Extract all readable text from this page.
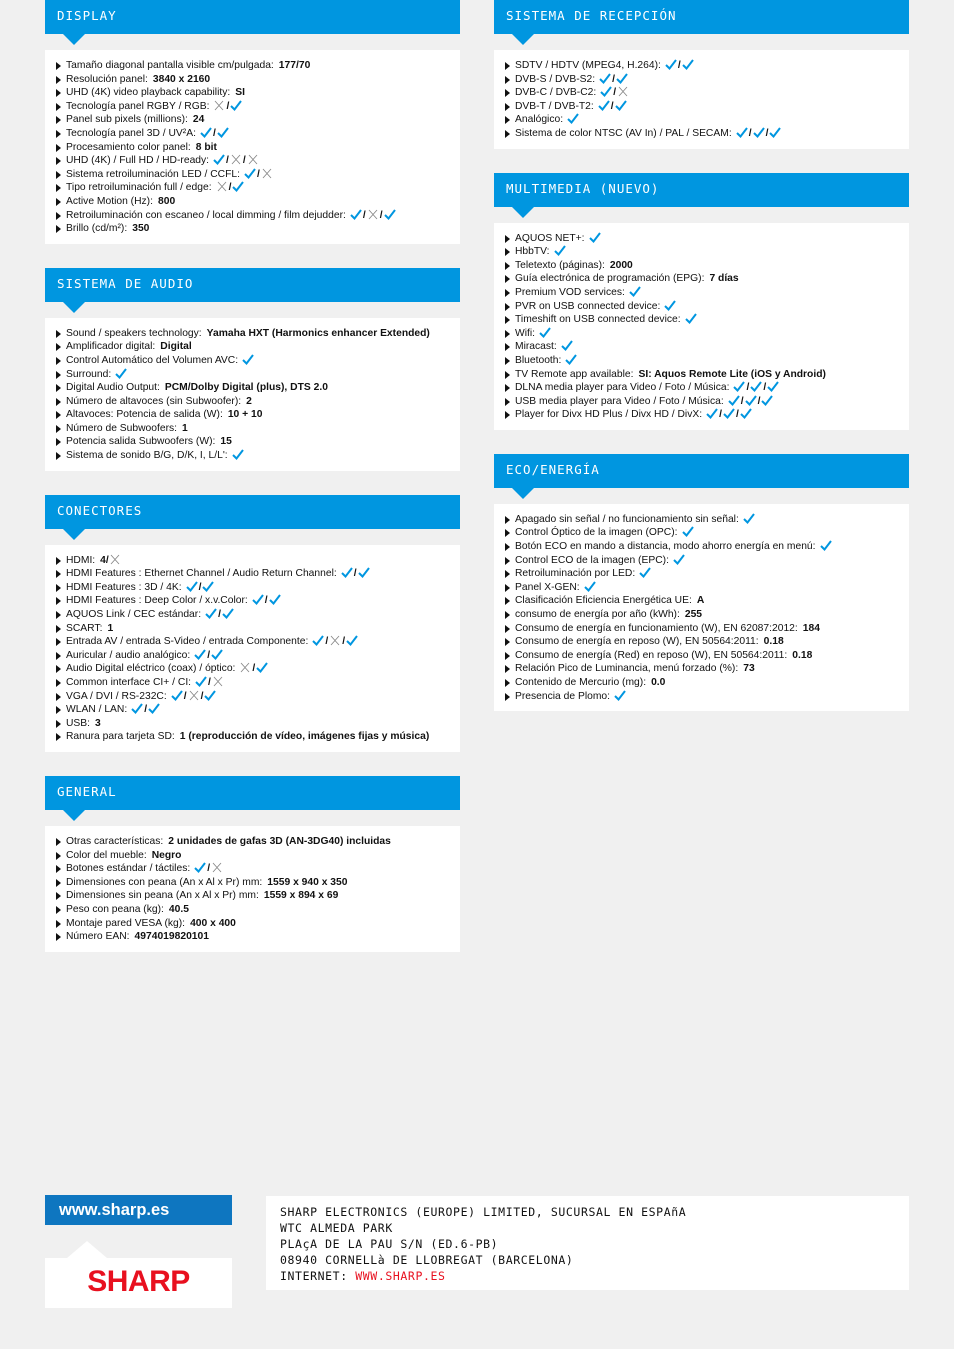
DISPLAY
Tamaño diagonal pantalla visible cm/pulgada: 177/70
Resolución panel: 3840 x 2160
UHD (4K) video playback capability: SI
Tecnología panel RGBY / RGB: /
Panel sub pixels (millions): 24
Tecnología panel 3D / UV²A: /
Procesamiento color panel: 8 bit
UHD (4K) / Full HD / HD-ready: / /
Sistema retroiluminación LED / CCFL: /
Tipo retroiluminación full / edge: /
Active Motion (Hz): 800
Retroiluminación con escaneo / local dimming / film dejudder: / /
Brillo (cd/m²): 350
SISTEMA DE AUDIO
Sound / speakers technology: Yamaha HXT (Harmonics enhancer Extended)
Amplificador digital: Digital
Control Automático del Volumen AVC:
Surround:
Digital Audio Output: PCM/Dolby Digital (plus), DTS 2.0
Número de altavoces (sin Subwoofer): 2
Altavoces: Potencia de salida (W): 10 + 10
Número de Subwoofers: 1
Potencia salida Subwoofers (W): 15
Sistema de sonido B/G, D/K, I, L/L':
CONECTORES
HDMI: 4/
HDMI Features : Ethernet Channel / Audio Return Channel: /
HDMI Features : 3D / 4K: /
HDMI Features : Deep Color / x.v.Color: /
AQUOS Link / CEC estándar: /
SCART: 1
Entrada AV / entrada S-Video / entrada Componente: / /
Auricular / audio analógico: /
Audio Digital eléctrico (coax) / óptico: /
Common interface CI+ / CI: /
VGA / DVI / RS-232C: / /
WLAN / LAN: /
USB: 3
Ranura para tarjeta SD: 1 (reproducción de vídeo, imágenes fijas y música)
GENERAL
Otras características: 2 unidades de gafas 3D (AN-3DG40) incluidas
Color del mueble: Negro
Botones estándar / táctiles: /
Dimensiones con peana (An x Al x Pr) mm: 1559 x 940 x 350
Dimensiones sin peana (An x Al x Pr) mm: 1559 x 894 x 69
Peso con peana (kg): 40.5
Montaje pared VESA (kg): 400 x 400
Número EAN: 4974019820101
SISTEMA DE RECEPCIÓN
SDTV / HDTV (MPEG4, H.264): /
DVB-S / DVB-S2: /
DVB-C / DVB-C2: /
DVB-T / DVB-T2: /
Analógico:
Sistema de color NTSC (AV In) / PAL / SECAM: / /
MULTIMEDIA (NUEVO)
AQUOS NET+:
HbbTV:
Teletexto (páginas): 2000
Guía electrónica de programación (EPG): 7 días
Premium VOD services:
PVR on USB connected device:
Timeshift on USB connected device:
Wifi:
Miracast:
Bluetooth:
TV Remote app available: SI: Aquos Remote Lite (iOS y Android)
DLNA media player para Video / Foto / Música: / /
USB media player para Video / Foto / Música: / /
Player for Divx HD Plus / Divx HD / DivX: / /
ECO/ENERGÍA
Apagado sin señal / no funcionamiento sin señal:
Control Óptico de la imagen (OPC):
Botón ECO en mando a distancia, modo ahorro energía en menú:
Control ECO de la imagen (EPC):
Retroiluminación por LED:
Panel X-GEN:
Clasificación Eficiencia Energética UE: A
consumo de energía por año (kWh): 255
Consumo de energía en funcionamiento (W), EN 62087:2012: 184
Consumo de energía en reposo (W), EN 50564:2011: 0.18
Consumo de energía (Red) en reposo (W), EN 50564:2011: 0.18
Relación Pico de Luminancia, menú forzado (%): 73
Contenido de Mercurio (mg): 0.0
Presencia de Plomo:
www.sharp.es
SHARP
SHARP ELECTRONICS (EUROPE) LIMITED, SUCURSAL EN ESPAñA
WTC ALMEDA PARK
PLAçA DE LA PAU S/N (ED.6-PB)
08940 CORNELLà DE LLOBREGAT (BARCELONA)
INTERNET: WWW.SHARP.ES
